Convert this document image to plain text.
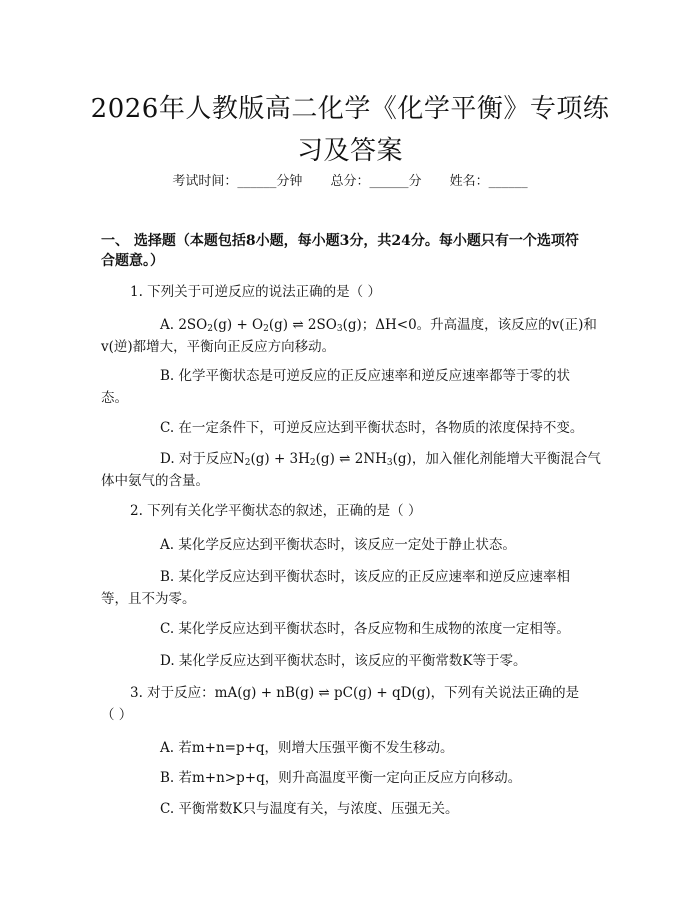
2026年人教版高二化学《化学平衡》专项练
习及答案
考试时间：______分钟 总分：______分 姓名：______
一、 选择题（本题包括8小题，每小题3分，共24分。每小题只有一个选项符
合题意。）
1. 下列关于可逆反应的说法正确的是（ ）
A. $2SO_2(g) + O_2(g)$ ⇌ $2SO_3(g)$；ΔH<0。升高温度，该反应的v(正)和
v(逆)都增大，平衡向正反应方向移动。
B. 化学平衡状态是可逆反应的正反应速率和逆反应速率都等于零的状
态。
C. 在一定条件下，可逆反应达到平衡状态时，各物质的浓度保持不变。
D. 对于反应$N_2(g) + 3H_2(g)$ ⇌ $2NH_3(g)$，加入催化剂能增大平衡混合气
体中氨气的含量。
2. 下列有关化学平衡状态的叙述，正确的是（ ）
A. 某化学反应达到平衡状态时，该反应一定处于静止状态。
B. 某化学反应达到平衡状态时，该反应的正反应速率和逆反应速率相
等，且不为零。
C. 某化学反应达到平衡状态时，各反应物和生成物的浓度一定相等。
D. 某化学反应达到平衡状态时，该反应的平衡常数K等于零。
3. 对于反应：mA(g) + nB(g) ⇌ pC(g) + qD(g)，下列有关说法正确的是
（ ）
A. 若m+n=p+q，则增大压强平衡不发生移动。
B. 若m+n>p+q，则升高温度平衡一定向正反应方向移动。
C. 平衡常数K只与温度有关，与浓度、压强无关。
